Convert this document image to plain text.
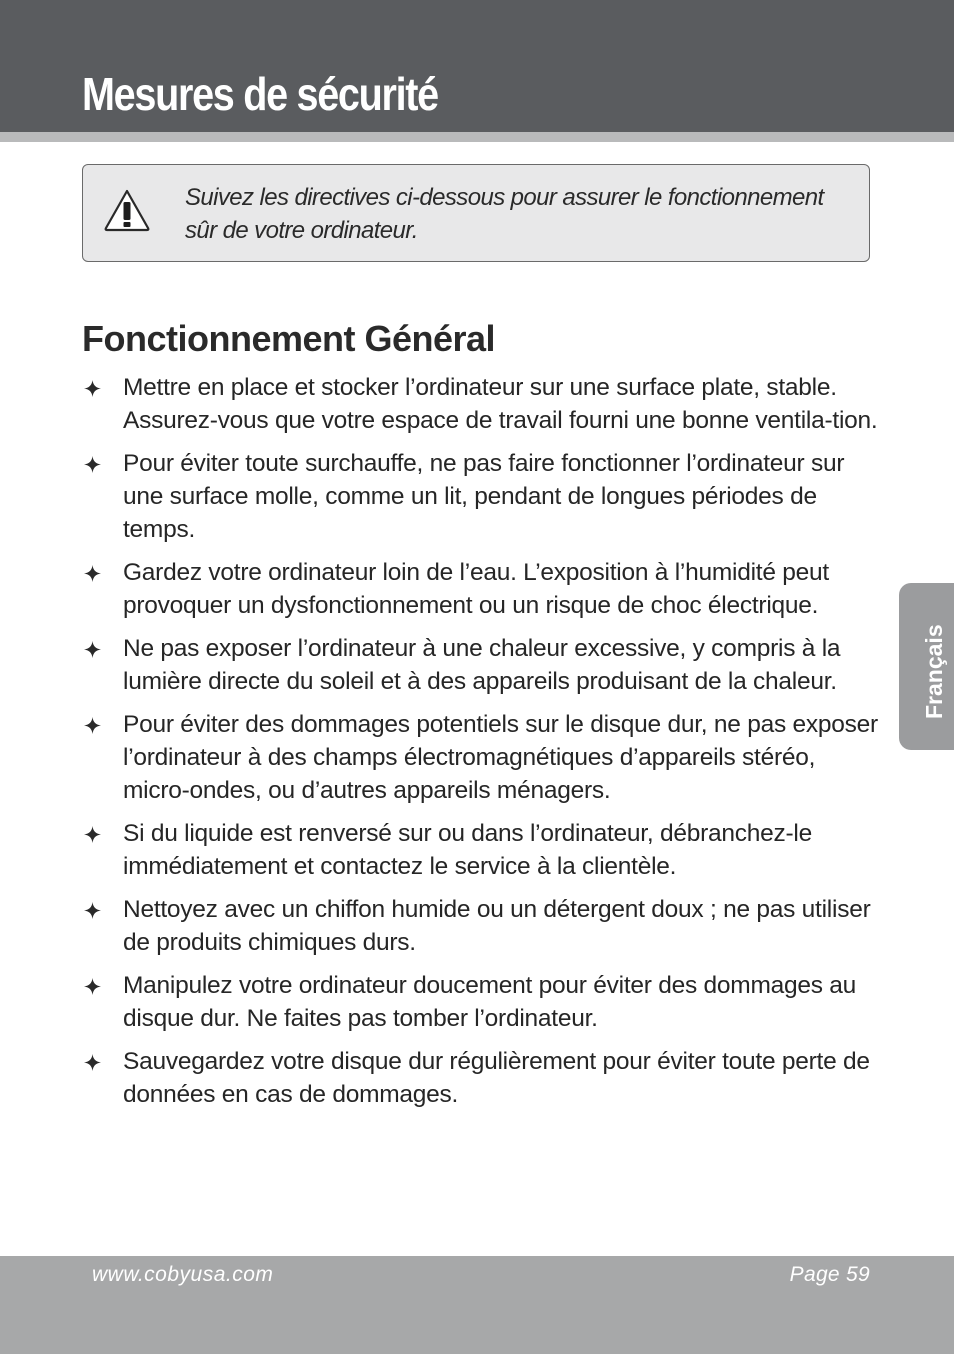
Mesures de sécurité
Suivez les directives ci-dessous pour assurer le fonctionnement sûr de votre ordinateur.
Fonctionnement Général
Mettre en place et stocker l’ordinateur sur une surface plate, stable. Assurez-vous que votre espace de travail fourni une bonne ventila-tion.
Pour éviter toute surchauffe, ne pas faire fonctionner l’ordinateur sur une surface molle, comme un lit, pendant de longues périodes de temps.
Gardez votre ordinateur loin de l’eau. L’exposition à l’humidité peut provoquer un dysfonctionnement ou un risque de choc électrique.
Ne pas exposer l’ordinateur à une chaleur excessive, y compris à la lumière directe du soleil et à des appareils produisant de la chaleur.
Pour éviter des dommages potentiels sur le disque dur, ne pas exposer l’ordinateur à des champs électromagnétiques d’appareils stéréo, micro-ondes, ou d’autres appareils ménagers.
Si du liquide est renversé sur ou dans l’ordinateur, débranchez-le immédiatement et contactez le service à la clientèle.
Nettoyez avec un chiffon humide ou un détergent doux ; ne pas utiliser de produits chimiques durs.
Manipulez votre ordinateur doucement pour éviter des dommages au disque dur. Ne faites pas tomber l’ordinateur.
Sauvegardez votre disque dur régulièrement pour éviter toute perte de données en cas de dommages.
Français
www.cobyusa.com	Page 59
